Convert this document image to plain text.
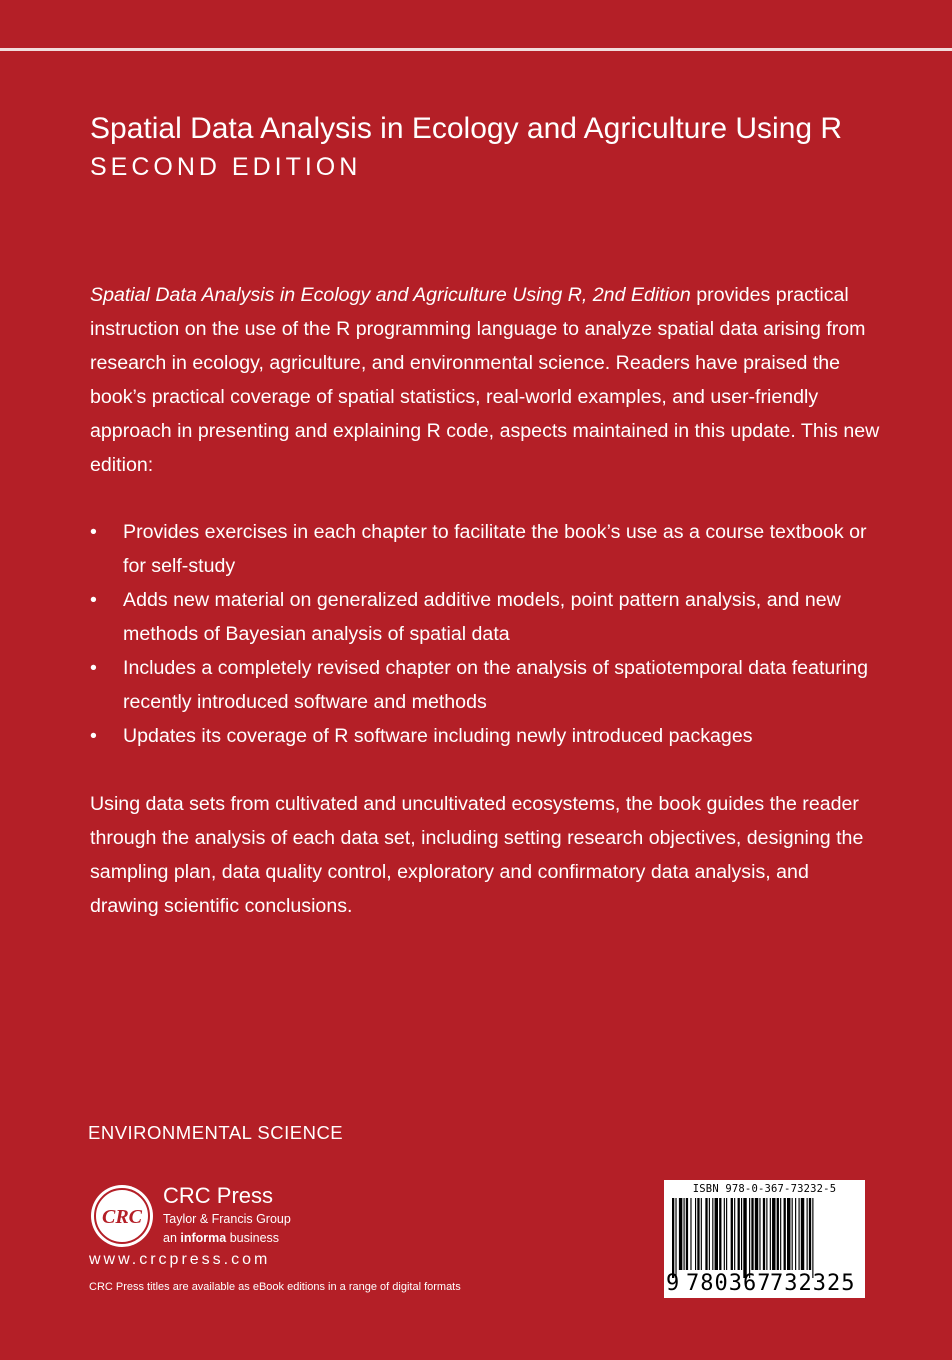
Spatial Data Analysis in Ecology and Agriculture Using R
SECOND EDITION

Spatial Data Analysis in Ecology and Agriculture Using R, 2nd Edition provides practical instruction on the use of the R programming language to analyze spatial data arising from research in ecology, agriculture, and environmental science. Readers have praised the book’s practical coverage of spatial statistics, real-world examples, and user-friendly approach in presenting and explaining R code, aspects maintained in this update. This new edition:

•	Provides exercises in each chapter to facilitate the book’s use as a course textbook or for self-study
•	Adds new material on generalized additive models, point pattern analysis, and new methods of Bayesian analysis of spatial data
•	Includes a completely revised chapter on the analysis of spatiotemporal data featuring recently introduced software and methods
•	Updates its coverage of R software including newly introduced packages

Using data sets from cultivated and uncultivated ecosystems, the book guides the reader through the analysis of each data set, including setting research objectives, designing the sampling plan, data quality control, exploratory and confirmatory data analysis, and drawing scientific conclusions.

ENVIRONMENTAL SCIENCE
CRC
CRC Press
Taylor & Francis Group
an informa business
www.crcpress.com
CRC Press titles are available as eBook editions in a range of digital formats
ISBN 978-0-367-73232-5
9 780367
732325
